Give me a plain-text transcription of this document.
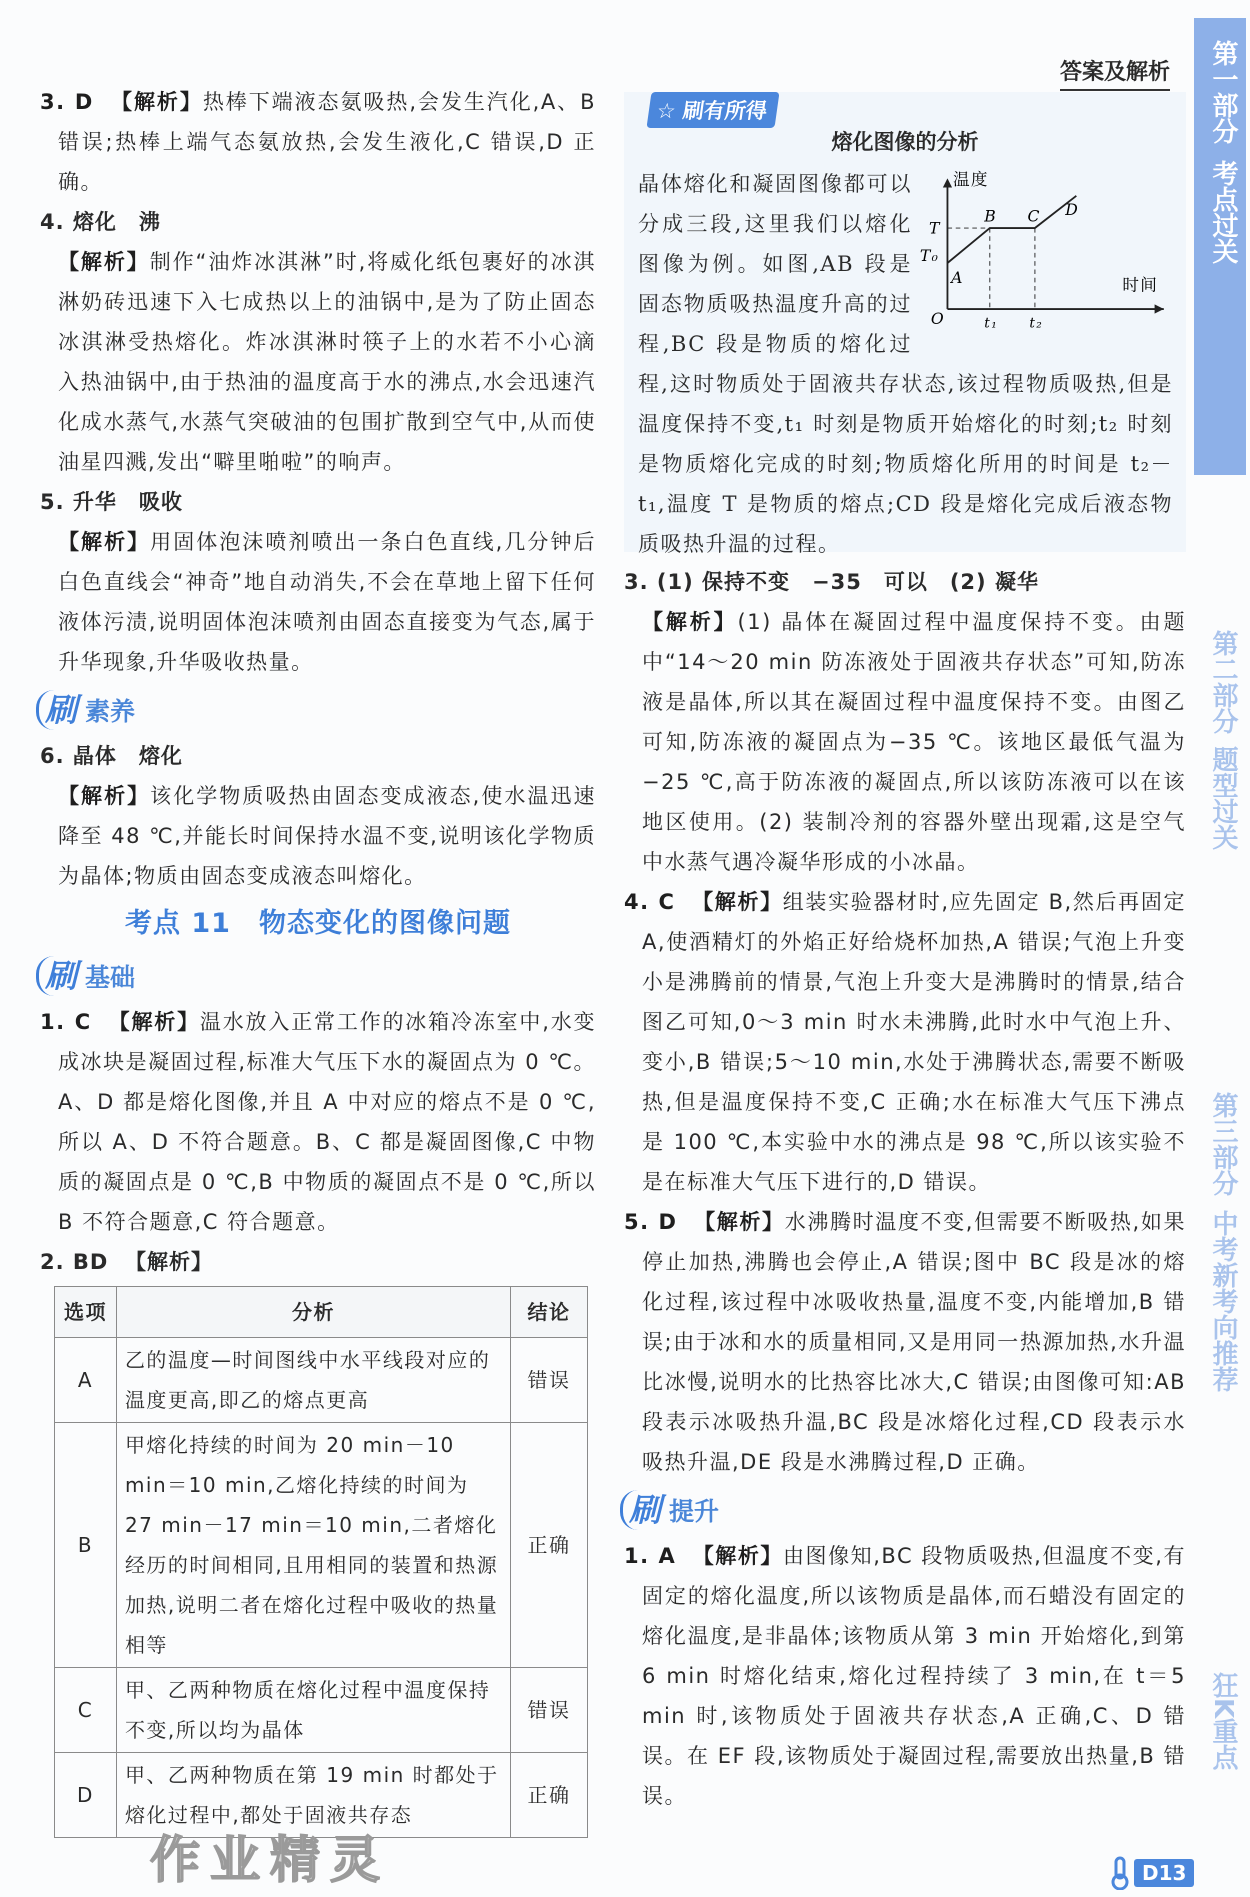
答案及解析	第一部分考点过关
第二部分题型过关
第三部分中考新考向推荐
狂K重点
3. D 【解析】热棒下端液态氨吸热,会发生汽化,A、B 错误;热棒上端气态氨放热,会发生液化,C 错误,D 正确。
4. 熔化　沸
【解析】制作“油炸冰淇淋”时,将威化纸包裹好的冰淇淋奶砖迅速下入七成热以上的油锅中,是为了防止固态冰淇淋受热熔化。炸冰淇淋时筷子上的水若不小心滴入热油锅中,由于热油的温度高于水的沸点,水会迅速汽化成水蒸气,水蒸气突破油的包围扩散到空气中,从而使油星四溅,发出“噼里啪啦”的响声。
5. 升华　吸收
【解析】用固体泡沫喷剂喷出一条白色直线,几分钟后白色直线会“神奇”地自动消失,不会在草地上留下任何液体污渍,说明固体泡沫喷剂由固态直接变为气态,属于升华现象,升华吸收热量。
刷 素养
6. 晶体　熔化
【解析】该化学物质吸热由固态变成液态,使水温迅速降至 48 ℃,并能长时间保持水温不变,说明该化学物质为晶体;物质由固态变成液态叫熔化。
考点 11　物态变化的图像问题
刷 基础
1. C 【解析】温水放入正常工作的冰箱冷冻室中,水变成冰块是凝固过程,标准大气压下水的凝固点为 0 ℃。A、D 都是熔化图像,并且 A 中对应的熔点不是 0 ℃,所以 A、D 不符合题意。B、C 都是凝固图像,C 中物质的凝固点是 0 ℃,B 中物质的凝固点不是 0 ℃,所以 B 不符合题意,C 符合题意。
2. BD 【解析】
选项	分析	结论
A	乙的温度—时间图线中水平线段对应的温度更高,即乙的熔点更高	错误
B	甲熔化持续的时间为 20 min－10 min＝10 min,乙熔化持续的时间为 27 min－17 min＝10 min,二者熔化经历的时间相同,且用相同的装置和热源加热,说明二者在熔化过程中吸收的热量相等	正确
C	甲、乙两种物质在熔化过程中温度保持不变,所以均为晶体	错误
D	甲、乙两种物质在第 19 min 时都处于熔化过程中,都处于固液共存态	正确
☆ 刷有所得
熔化图像的分析
温度
时间
O
T
T₀
A
B C D
t₁ t₂
晶体熔化和凝固图像都可以分成三段,这里我们以熔化图像为例。如图,AB 段是固态物质吸热温度升高的过程,BC 段是物质的熔化过程,这时物质处于固液共存状态,该过程物质吸热,但是温度保持不变,t₁ 时刻是物质开始熔化的时刻;t₂ 时刻是物质熔化完成的时刻;物质熔化所用的时间是 t₂－t₁,温度 T 是物质的熔点;CD 段是熔化完成后液态物质吸热升温的过程。
3. (1) 保持不变　−35　可以　(2) 凝华
【解析】(1) 晶体在凝固过程中温度保持不变。由题中“14～20 min 防冻液处于固液共存状态”可知,防冻液是晶体,所以其在凝固过程中温度保持不变。由图乙可知,防冻液的凝固点为−35 ℃。该地区最低气温为−25 ℃,高于防冻液的凝固点,所以该防冻液可以在该地区使用。(2) 装制冷剂的容器外壁出现霜,这是空气中水蒸气遇冷凝华形成的小冰晶。
4. C 【解析】组装实验器材时,应先固定 B,然后再固定 A,使酒精灯的外焰正好给烧杯加热,A 错误;气泡上升变小是沸腾前的情景,气泡上升变大是沸腾时的情景,结合图乙可知,0～3 min 时水未沸腾,此时水中气泡上升、变小,B 错误;5～10 min,水处于沸腾状态,需要不断吸热,但是温度保持不变,C 正确;水在标准大气压下沸点是 100 ℃,本实验中水的沸点是 98 ℃,所以该实验不是在标准大气压下进行的,D 错误。
5. D 【解析】水沸腾时温度不变,但需要不断吸热,如果停止加热,沸腾也会停止,A 错误;图中 BC 段是冰的熔化过程,该过程中冰吸收热量,温度不变,内能增加,B 错误;由于冰和水的质量相同,又是用同一热源加热,水升温比冰慢,说明水的比热容比冰大,C 错误;由图像可知:AB 段表示冰吸热升温,BC 段是冰熔化过程,CD 段表示水吸热升温,DE 段是水沸腾过程,D 正确。
刷 提升
1. A 【解析】由图像知,BC 段物质吸热,但温度不变,有固定的熔化温度,所以该物质是晶体,而石蜡没有固定的熔化温度,是非晶体;该物质从第 3 min 开始熔化,到第 6 min 时熔化结束,熔化过程持续了 3 min,在 t＝5 min 时,该物质处于固液共存状态,A 正确,C、D 错误。在 EF 段,该物质处于凝固过程,需要放出热量,B 错误。
D13
作业精灵
